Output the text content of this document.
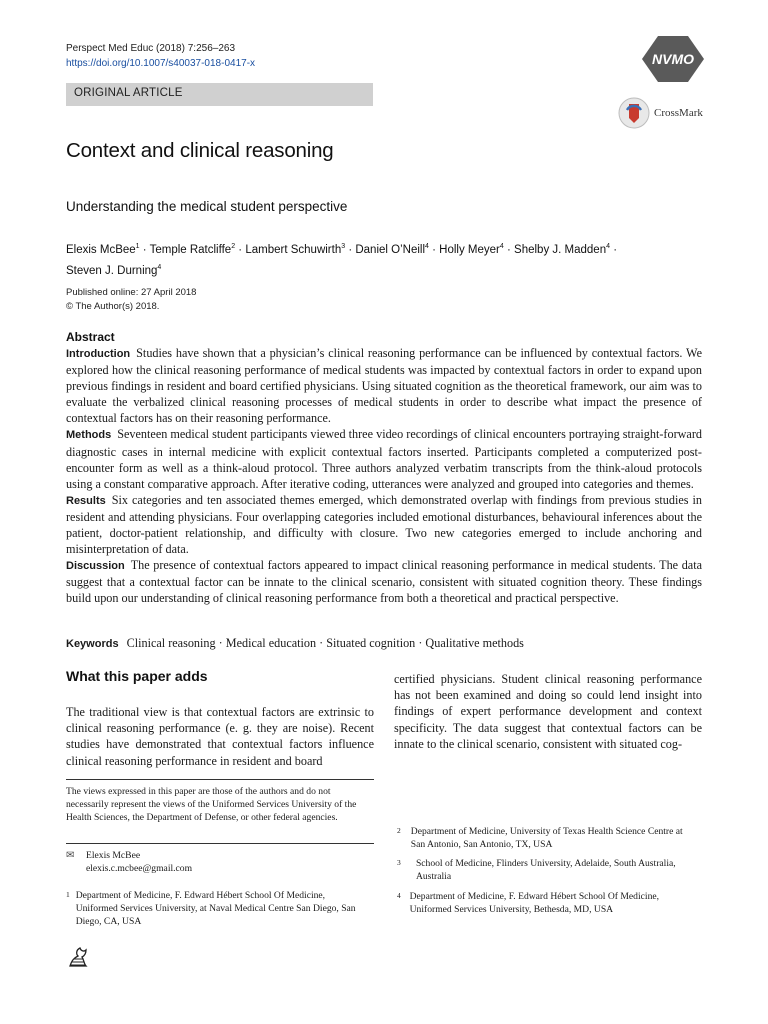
Perspect Med Educ (2018) 7:256–263
https://doi.org/10.1007/s40037-018-0417-x	NVMO
ORIGINAL ARTICLE
CrossMark
Context and clinical reasoning
Understanding the medical student perspective
Elexis McBee$^1$ · Temple Ratcliffe$^2$ · Lambert Schuwirth$^3$ · Daniel O’Neill$^4$ · Holly Meyer$^4$ · Shelby J. Madden$^4$ ·
Steven J. Durning$^4$
Published online: 27 April 2018
© The Author(s) 2018.
Abstract

Introduction Studies have shown that a physician’s clinical reasoning performance can be influenced by contextual factors. We explored how the clinical reasoning performance of medical students was impacted by contextual factors in order to expand upon previous findings in resident and board certified physicians. Using situated cognition as the theoretical framework, our aim was to evaluate the verbalized clinical reasoning processes of medical students in order to describe what impact the presence of contextual factors has on their reasoning performance.

Methods Seventeen medical student participants viewed three video recordings of clinical encounters portraying straight-forward diagnostic cases in internal medicine with explicit contextual factors inserted. Participants completed a computerized post-encounter form as well as a think-aloud protocol. Three authors analyzed verbatim transcripts from the think-aloud protocols using a constant comparative approach. After iterative coding, utterances were analyzed and grouped into categories and themes.

Results Six categories and ten associated themes emerged, which demonstrated overlap with findings from previous studies in resident and attending physicians. Four overlapping categories included emotional disturbances, behavioural inferences about the patient, doctor-patient relationship, and difficulty with closure. Two new categories emerged to include anchoring and misinterpretation of data.

Discussion The presence of contextual factors appeared to impact clinical reasoning performance in medical students. The data suggest that a contextual factor can be innate to the clinical scenario, consistent with situated cognition theory. These findings build upon our understanding of clinical reasoning performance from both a theoretical and practical perspective.

Keywords Clinical reasoning · Medical education · Situated cognition · Qualitative methods
What this paper adds

The traditional view is that contextual factors are extrinsic to clinical reasoning performance (e. g. they are noise). Recent studies have demonstrated that contextual factors influence clinical reasoning performance in resident and board

certified physicians. Student clinical reasoning performance has not been examined and doing so could lend insight into findings of expert performance development and context specificity. The data suggest that contextual factors can be innate to the clinical scenario, consistent with situated cog-

The views expressed in this paper are those of the authors and do not necessarily represent the views of the Uniformed Services University of the Health Sciences, the Department of Defense, or other federal agencies.
✉	Elexis McBee
elexis.c.mcbee@gmail.com
1 Department of Medicine, F. Edward Hébert School Of Medicine, Uniformed Services University, at Naval Medical Centre San Diego, San Diego, CA, USA
2	Department of Medicine, University of Texas Health Science Centre at San Antonio, San Antonio, TX, USA
3	School of Medicine, Flinders University, Adelaide, South Australia, Australia
4 Department of Medicine, F. Edward Hébert School Of Medicine, Uniformed Services University, Bethesda, MD, USA
